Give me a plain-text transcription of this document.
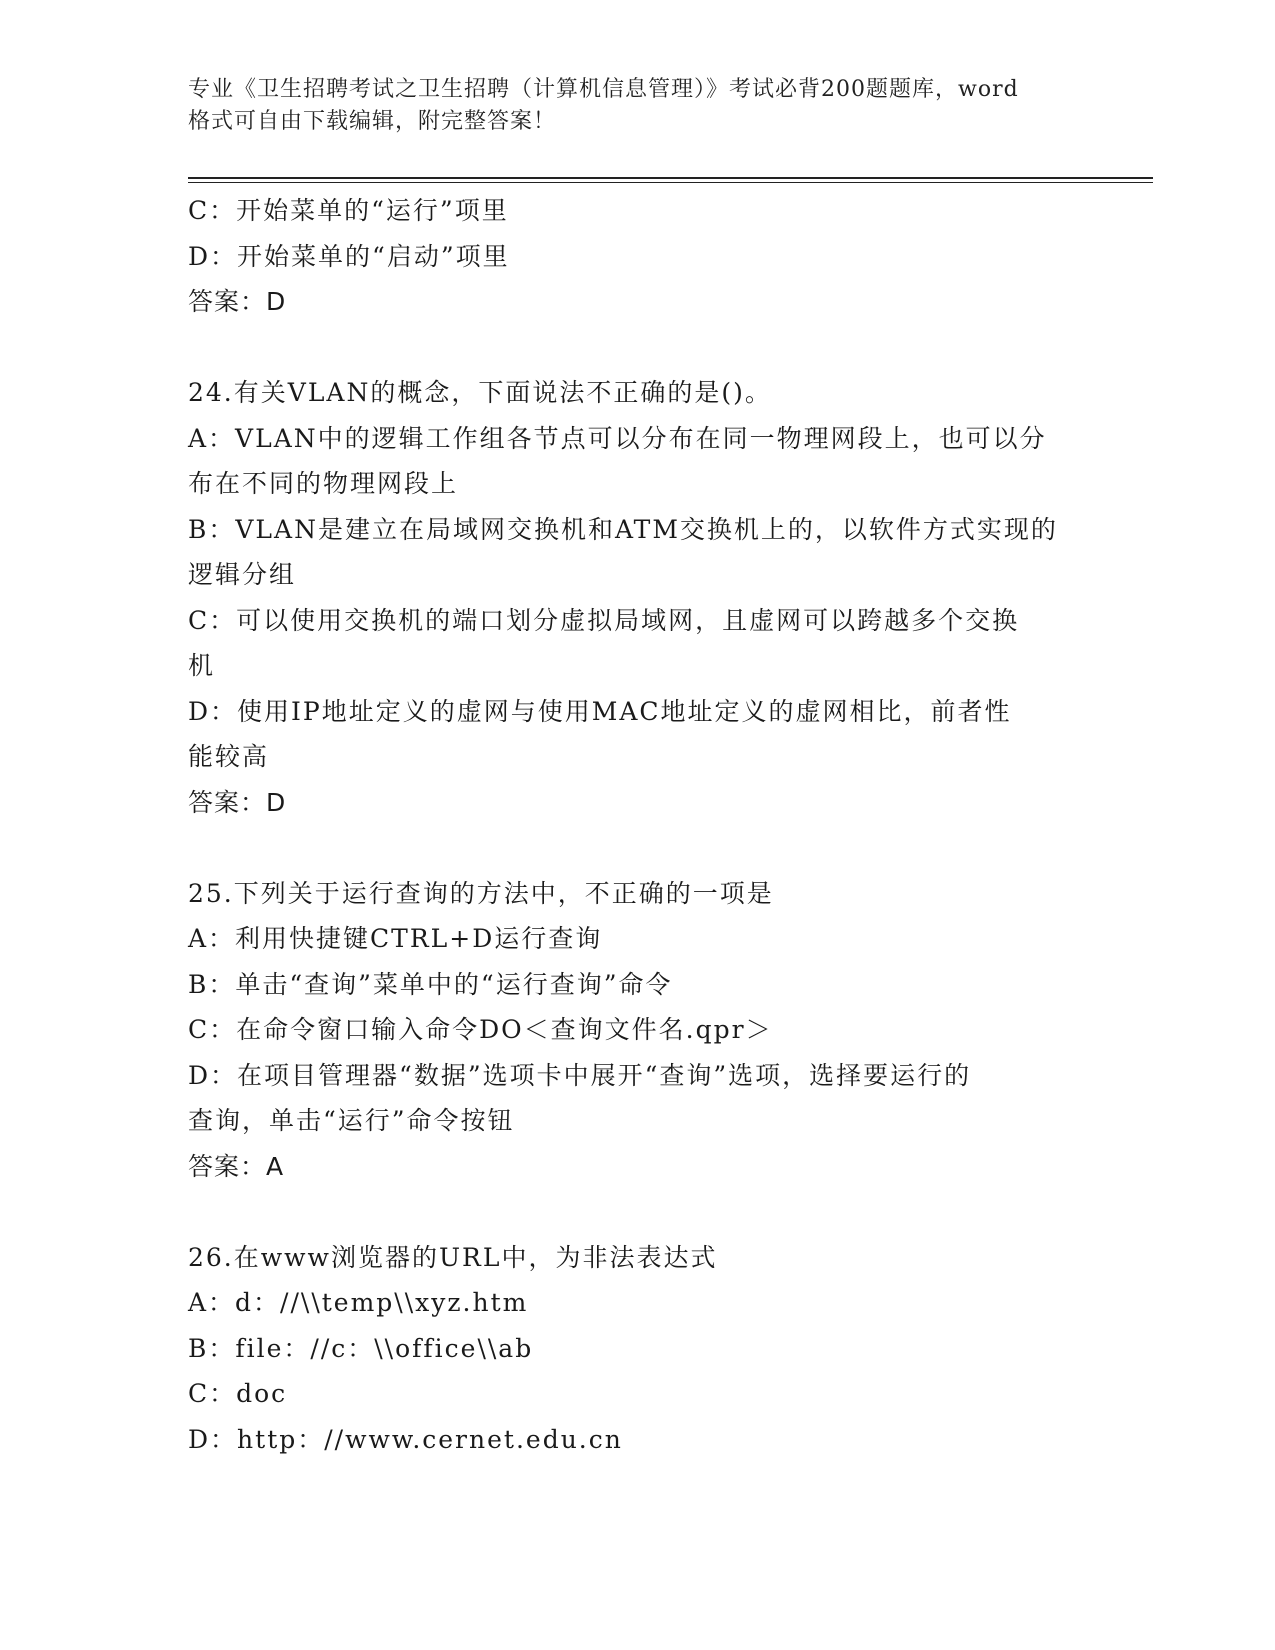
专业《卫生招聘考试之卫生招聘（计算机信息管理）》考试必背200题题库，word
格式可自由下载编辑，附完整答案！

C：开始菜单的“运行”项里

D：开始菜单的“启动”项里

答案：D

24.有关VLAN的概念，下面说法不正确的是()。

A：VLAN中的逻辑工作组各节点可以分布在同一物理网段上，也可以分

布在不同的物理网段上

B：VLAN是建立在局域网交换机和ATM交换机上的，以软件方式实现的

逻辑分组

C：可以使用交换机的端口划分虚拟局域网，且虚网可以跨越多个交换

机

D：使用IP地址定义的虚网与使用MAC地址定义的虚网相比，前者性

能较高

答案：D

25.下列关于运行查询的方法中，不正确的一项是

A：利用快捷键CTRL+D运行查询

B：单击“查询”菜单中的“运行查询”命令

C：在命令窗口输入命令DO＜查询文件名.qpr＞

D：在项目管理器“数据”选项卡中展开“查询”选项，选择要运行的

查询，单击“运行”命令按钮

答案：A

26.在www浏览器的URL中，为非法表达式

A：d：//\\temp\\xyz.htm

B：file：//c：\\office\\ab

C：doc

D：http：//www.cernet.edu.cn
